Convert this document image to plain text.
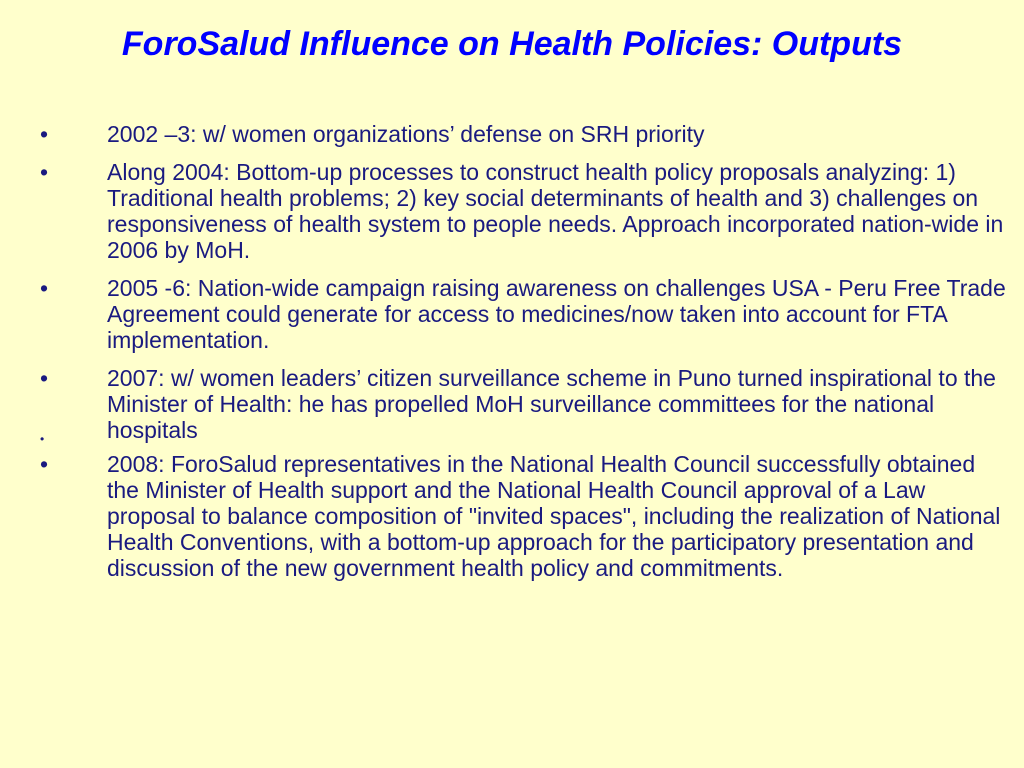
ForoSalud Influence on Health Policies: Outputs
•	2002 –3: w/ women organizations’ defense on SRH priority
•	Along 2004: Bottom-up processes to construct health policy proposals analyzing: 1) Traditional health problems; 2) key social determinants of health and 3) challenges on responsiveness of health system to people needs. Approach incorporated nation-wide in 2006 by MoH.
•	2005 -6: Nation-wide campaign raising awareness on challenges USA - Peru Free Trade Agreement could generate for access to medicines/now taken into account for FTA implementation.
•	2007: w/ women leaders’ citizen surveillance scheme in Puno turned inspirational to the Minister of Health: he has propelled MoH surveillance committees for the national hospitals
•
•	2008: ForoSalud representatives in the National Health Council successfully obtained the Minister of Health support and the National Health Council approval of a Law proposal to balance composition of "invited spaces", including the realization of National Health Conventions, with a bottom-up approach for the participatory presentation and discussion of the new government health policy and commitments.
